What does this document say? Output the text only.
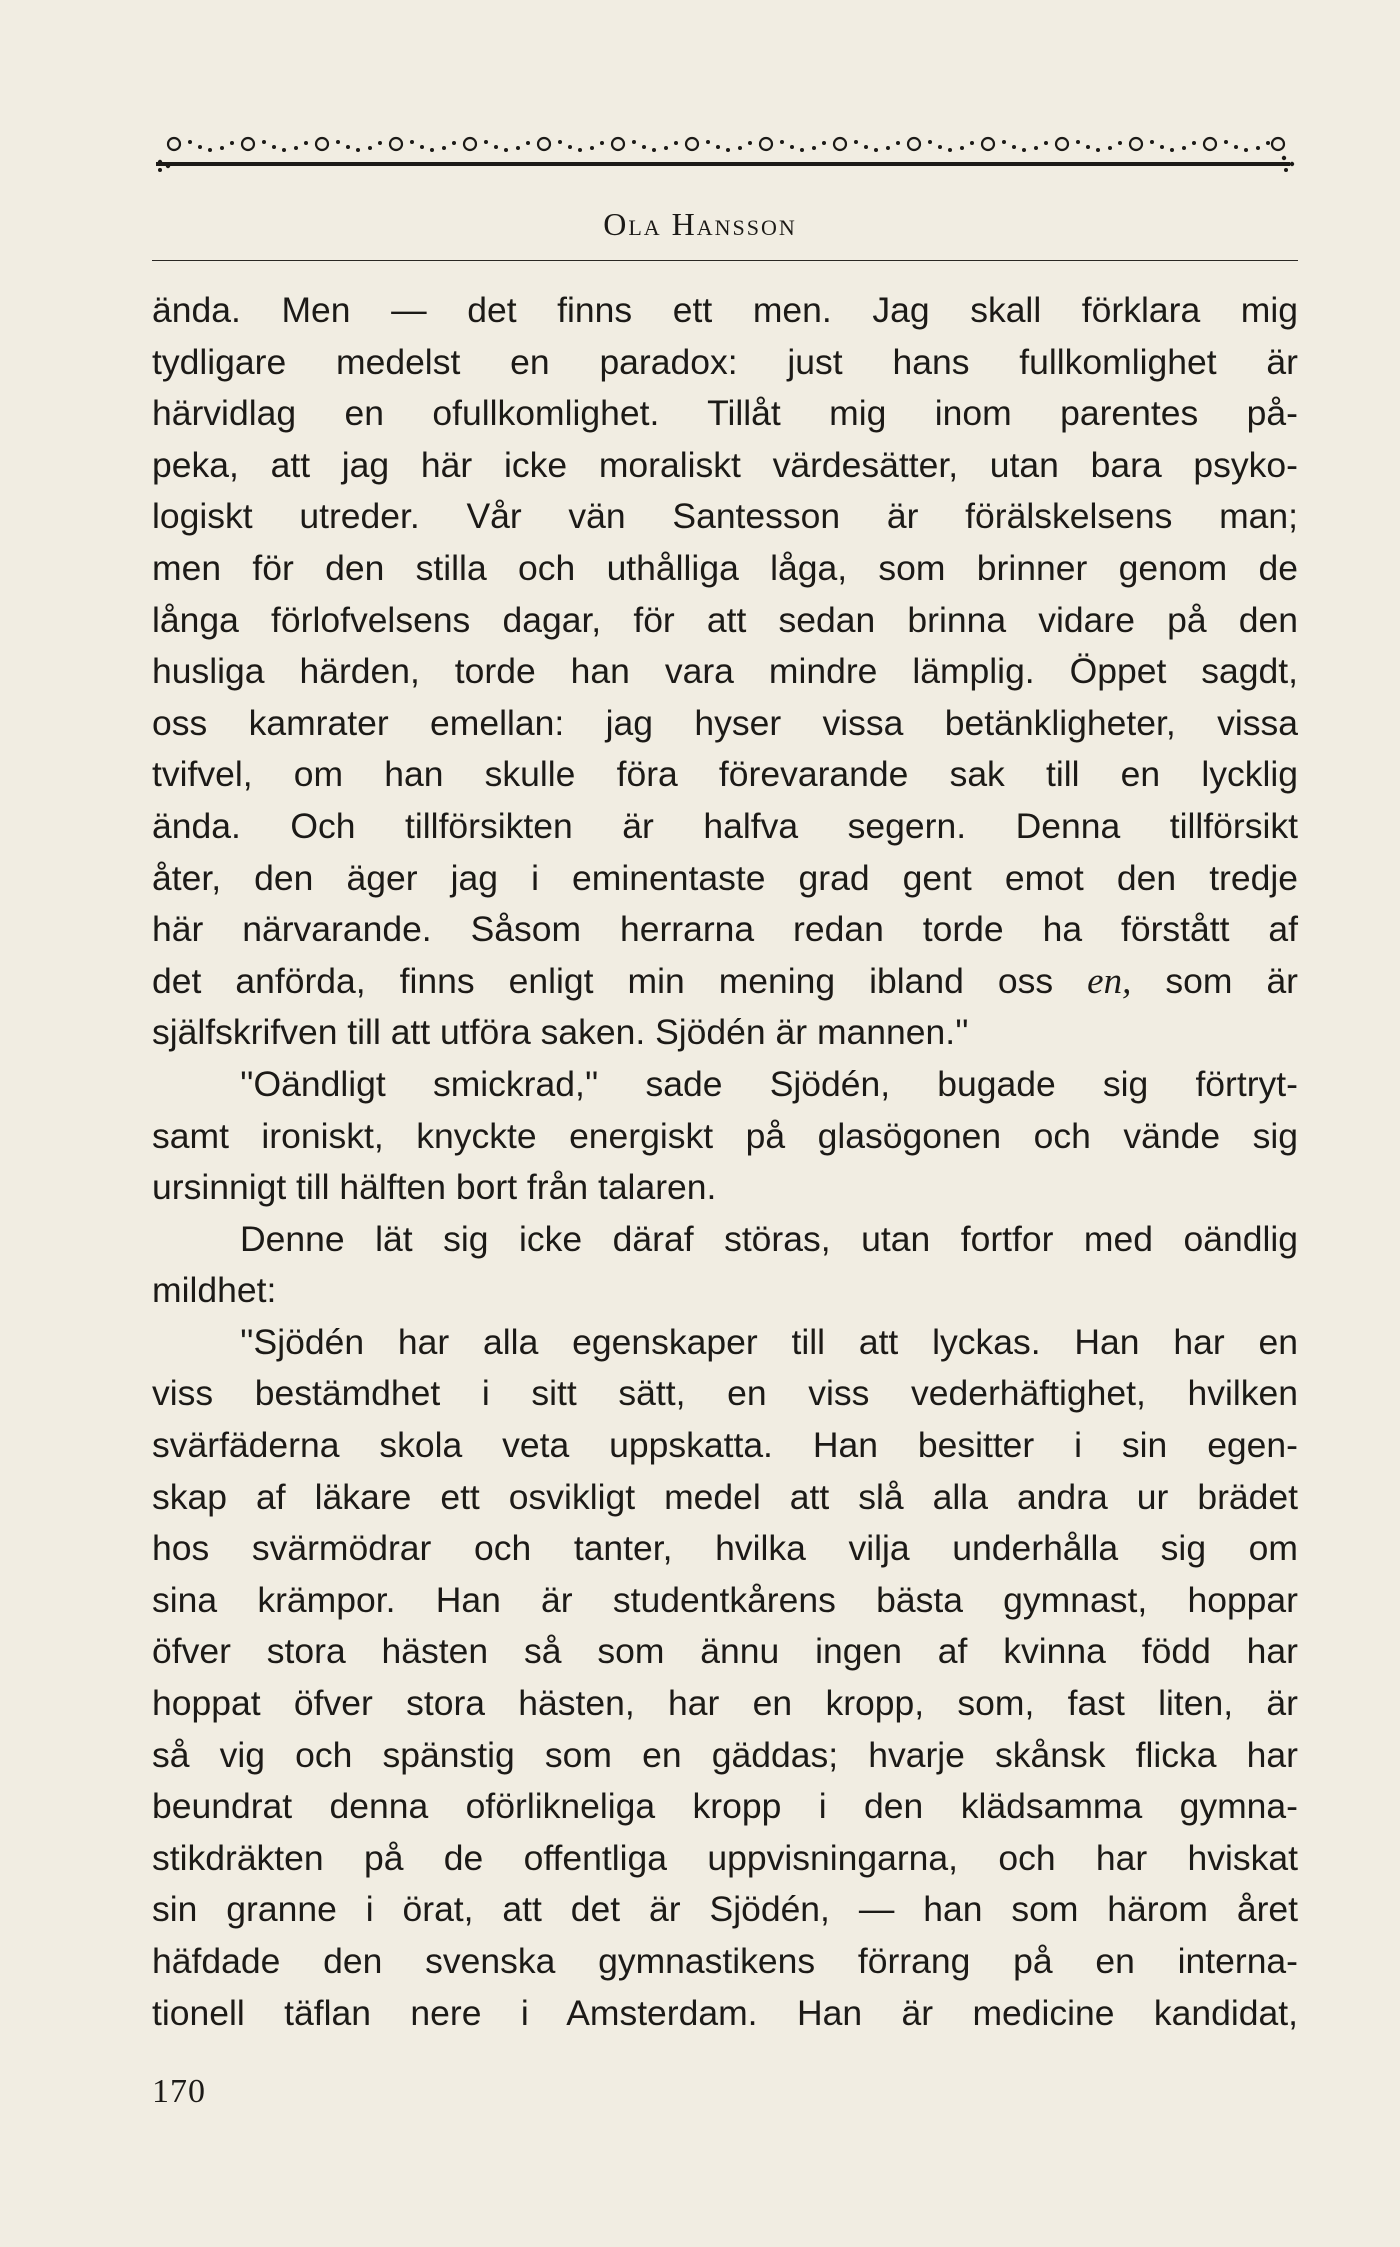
Ola Hansson

ända. Men — det finns ett men. Jag skall förklara mig
tydligare medelst en paradox: just hans fullkomlighet är
härvidlag en ofullkomlighet. Tillåt mig inom parentes på-
peka, att jag här icke moraliskt värdesätter, utan bara psyko-
logiskt utreder. Vår vän Santesson är förälskelsens man;
men för den stilla och uthålliga låga, som brinner genom de
långa förlofvelsens dagar, för att sedan brinna vidare på den
husliga härden, torde han vara mindre lämplig. Öppet sagdt,
oss kamrater emellan: jag hyser vissa betänkligheter, vissa
tvifvel, om han skulle föra förevarande sak till en lycklig
ända. Och tillförsikten är halfva segern. Denna tillförsikt
åter, den äger jag i eminentaste grad gent emot den tredje
här närvarande. Såsom herrarna redan torde ha förstått af
det anförda, finns enligt min mening ibland oss en, som är

själfskrifven till att utföra saken. Sjödén är mannen.''

''Oändligt smickrad,'' sade Sjödén, bugade sig förtryt-
samt ironiskt, knyckte energiskt på glasögonen och vände sig

ursinnigt till hälften bort från talaren.

Denne lät sig icke däraf störas, utan fortfor med oändlig

mildhet:

''Sjödén har alla egenskaper till att lyckas. Han har en
viss bestämdhet i sitt sätt, en viss vederhäftighet, hvilken
svärfäderna skola veta uppskatta. Han besitter i sin egen-
skap af läkare ett osvikligt medel att slå alla andra ur brädet
hos svärmödrar och tanter, hvilka vilja underhålla sig om
sina krämpor. Han är studentkårens bästa gymnast, hoppar
öfver stora hästen så som ännu ingen af kvinna född har
hoppat öfver stora hästen, har en kropp, som, fast liten, är
så vig och spänstig som en gäddas; hvarje skånsk flicka har
beundrat denna oförlikneliga kropp i den klädsamma gymna-
stikdräkten på de offentliga uppvisningarna, och har hviskat
sin granne i örat, att det är Sjödén, — han som härom året
häfdade den svenska gymnastikens förrang på en interna-
tionell täflan nere i Amsterdam. Han är medicine kandidat,

170
